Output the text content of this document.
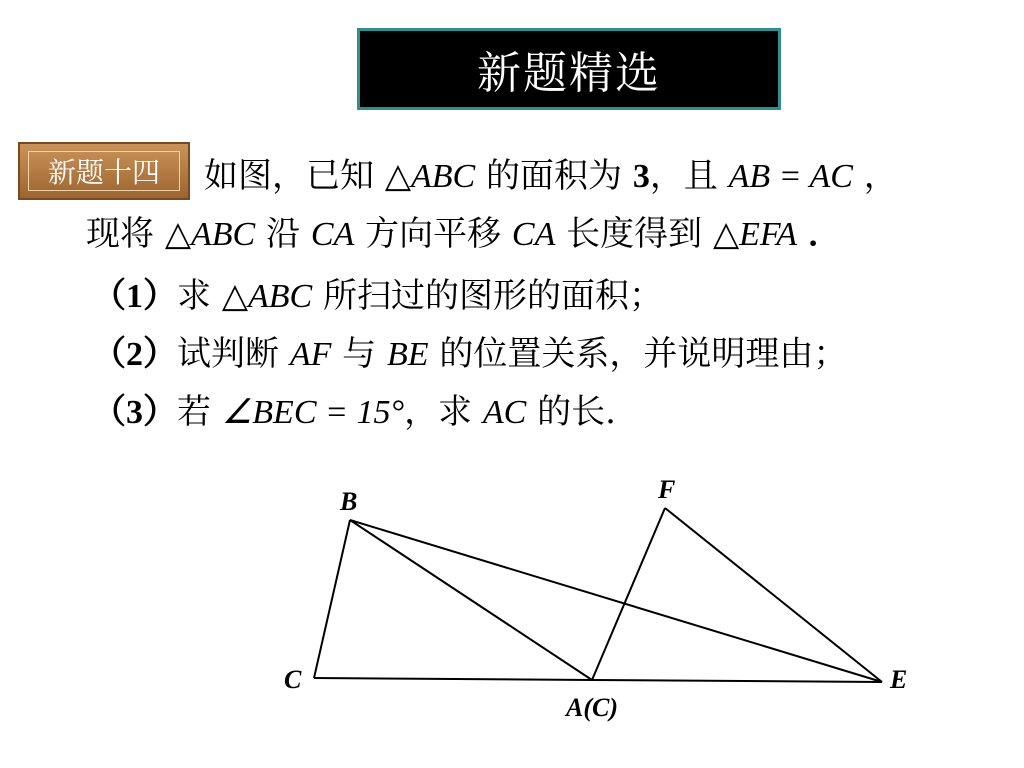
新题精选
新题十四 如图，已知 △ABC 的面积为 3，且 AB = AC ，
现将 △ABC 沿 CA 方向平移 CA 长度得到 △EFA ．
（1）求 △ABC 所扫过的图形的面积；
（2）试判断 AF 与 BE 的位置关系，并说明理由；
（3）若 ∠BEC = 15°，求 AC 的长.
B	F
C	E
A(C)
